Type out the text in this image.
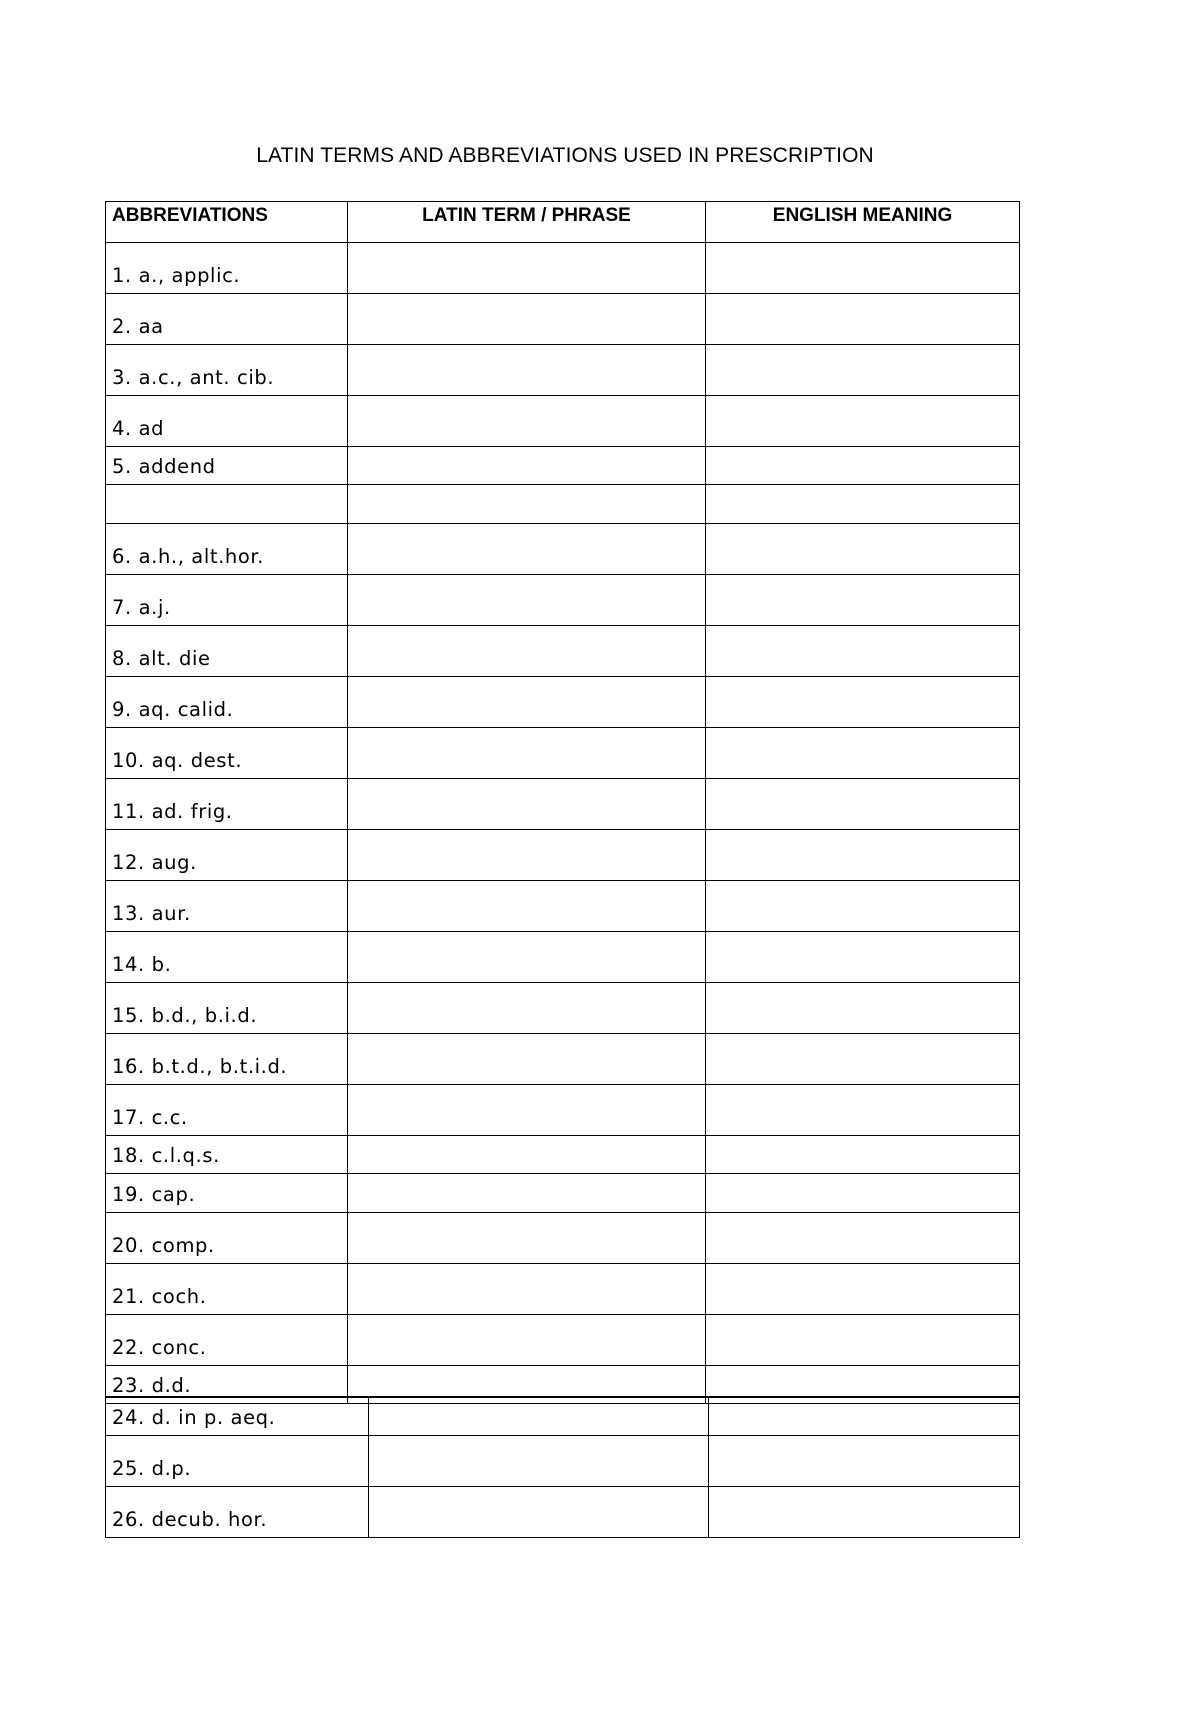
LATIN TERMS AND ABBREVIATIONS USED IN PRESCRIPTION
ABBREVIATIONS	LATIN TERM / PHRASE	ENGLISH MEANING
1. a., applic.		
2. aa		
3. a.c., ant. cib.		
4. ad		
5. addend		

6. a.h., alt.hor.		
7. a.j.		
8. alt. die		
9. aq. calid.		
10. aq. dest.		
11. ad. frig.		
12. aug.		
13. aur.		
14. b.		
15. b.d., b.i.d.		
16. b.t.d., b.t.i.d.		
17. c.c.		
18. c.l.q.s.		
19. cap.		
20. comp.		
21. coch.		
22. conc.		
23. d.d.		
24. d. in p. aeq.		
25. d.p.		
26. decub. hor.		
